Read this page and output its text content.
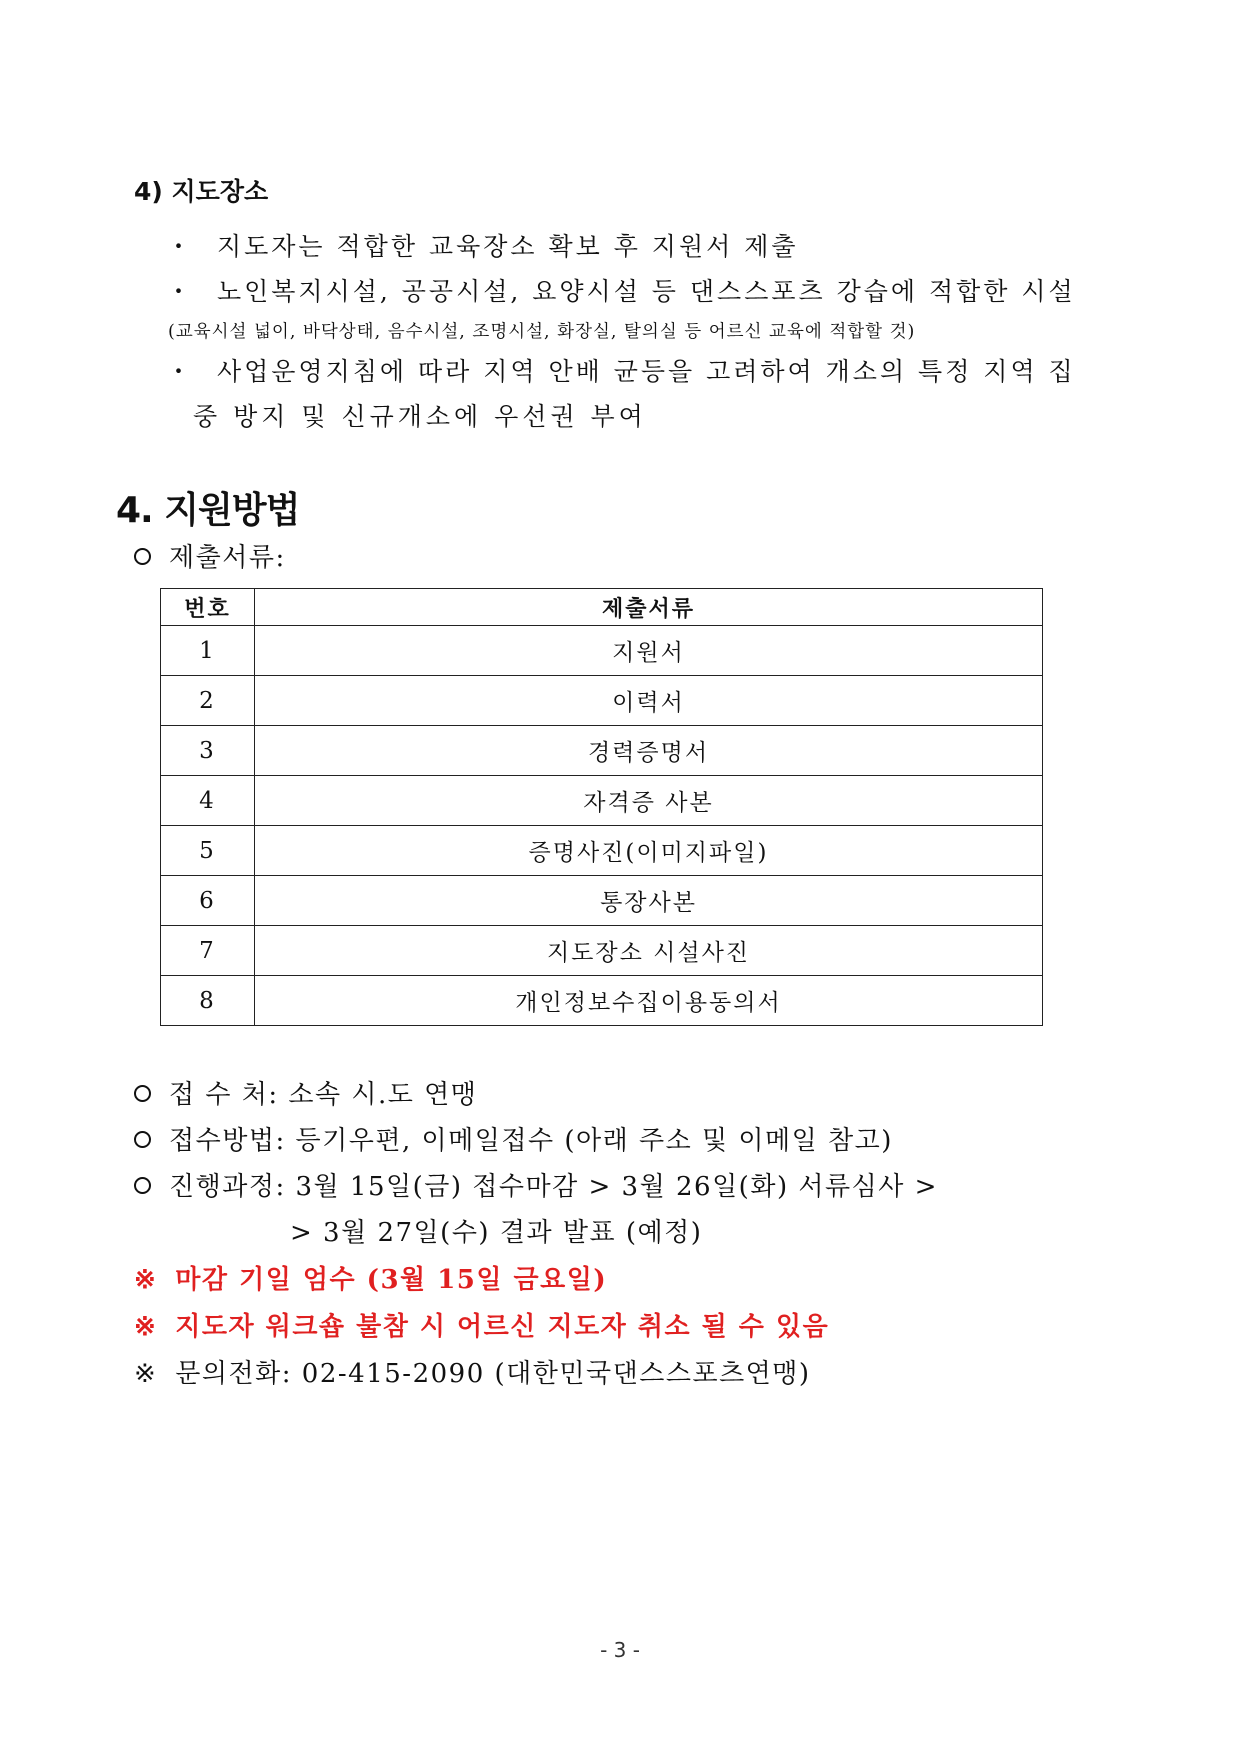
4) 지도장소
・ 지도자는 적합한 교육장소 확보 후 지원서 제출
・ 노인복지시설, 공공시설, 요양시설 등 댄스스포츠 강습에 적합한 시설
(교육시설 넓이, 바닥상태, 음수시설, 조명시설, 화장실, 탈의실 등 어르신 교육에 적합할 것)
・ 사업운영지침에 따라 지역 안배 균등을 고려하여 개소의 특정 지역 집
중 방지 및 신규개소에 우선권 부여
4. 지원방법
제출서류:
번호	제출서류
1	지원서
2	이력서
3	경력증명서
4	자격증 사본
5	증명사진(이미지파일)
6	통장사본
7	지도장소 시설사진
8	개인정보수집이용동의서
접 수 처: 소속 시.도 연맹
접수방법: 등기우편, 이메일접수 (아래 주소 및 이메일 참고)
진행과정: 3월 15일(금) 접수마감 > 3월 26일(화) 서류심사 >
> 3월 27일(수) 결과 발표 (예정)
※ 마감 기일 엄수 (3월 15일 금요일)
※ 지도자 워크숍 불참 시 어르신 지도자 취소 될 수 있음
※ 문의전화: 02-415-2090 (대한민국댄스스포츠연맹)
- 3 -
